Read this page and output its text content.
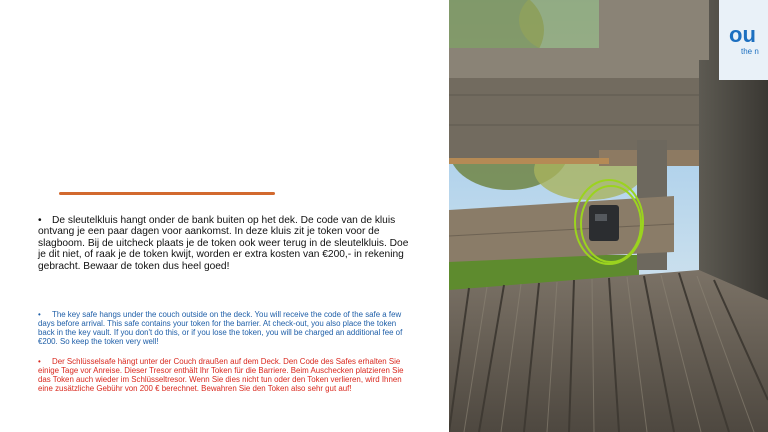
• De sleutelkluis hangt onder de bank buiten op het dek. De code van de kluis ontvang je een paar dagen voor aankomst. In deze kluis zit je token voor de slagboom. Bij de uitcheck plaats je de token ook weer terug in de sleutelkluis. Doe je dit niet, of raak je de token kwijt, worden er extra kosten van €200,- in rekening gebracht. Bewaar de token dus heel goed!
• The key safe hangs under the couch outside on the deck. You will receive the code of the safe a few days before arrival. This safe contains your token for the barrier. At check-out, you also place the token back in the key vault. If you don't do this, or if you lose the token, you will be charged an additional fee of €200. So keep the token very well!
• Der Schlüsselsafe hängt unter der Couch draußen auf dem Deck. Den Code des Safes erhalten Sie einige Tage vor Anreise. Dieser Tresor enthält Ihr Token für die Barriere. Beim Auschecken platzieren Sie das Token auch wieder im Schlüsseltresor. Wenn Sie dies nicht tun oder den Token verlieren, wird Ihnen eine zusätzliche Gebühr von 200 € berechnet. Bewahren Sie den Token also sehr gut auf!
ou
the n
